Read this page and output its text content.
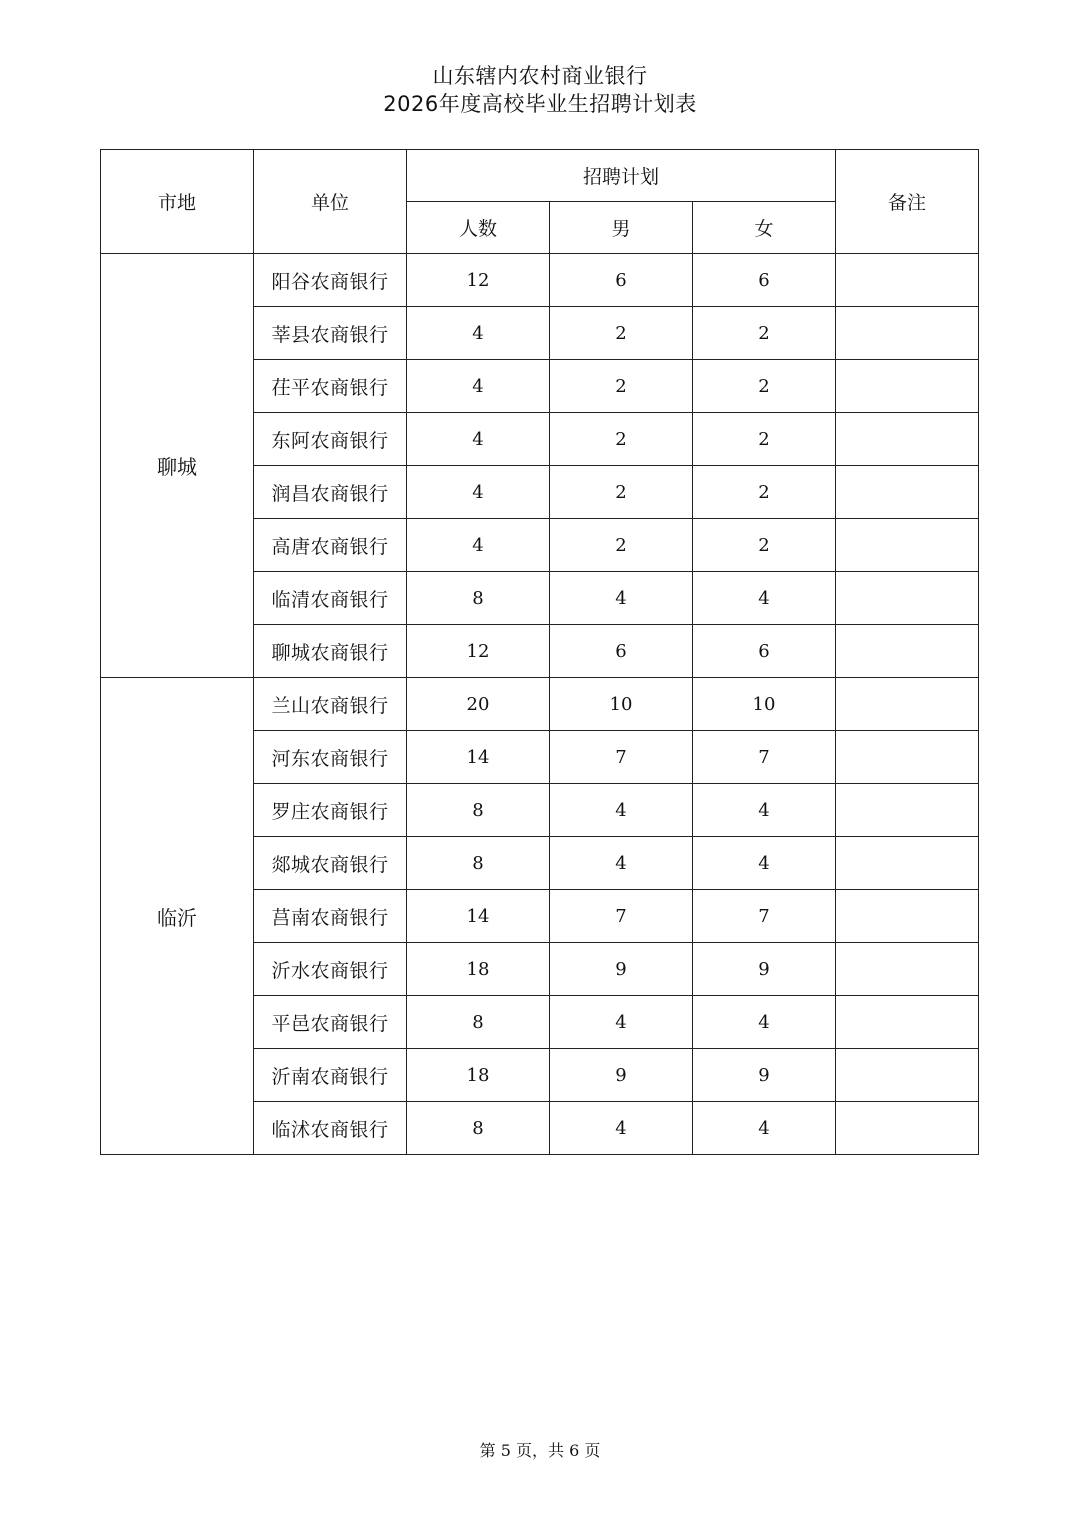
山东辖内农村商业银行
2026年度高校毕业生招聘计划表
市地	单位	招聘计划			备注
		人数	男	女	
聊城	阳谷农商银行	12	6	6	
	莘县农商银行	4	2	2	
	茌平农商银行	4	2	2	
	东阿农商银行	4	2	2	
	润昌农商银行	4	2	2	
	高唐农商银行	4	2	2	
	临清农商银行	8	4	4	
	聊城农商银行	12	6	6	
临沂	兰山农商银行	20	10	10	
	河东农商银行	14	7	7	
	罗庄农商银行	8	4	4	
	郯城农商银行	8	4	4	
	莒南农商银行	14	7	7	
	沂水农商银行	18	9	9	
	平邑农商银行	8	4	4	
	沂南农商银行	18	9	9	
	临沭农商银行	8	4	4	
第 5 页，共 6 页
